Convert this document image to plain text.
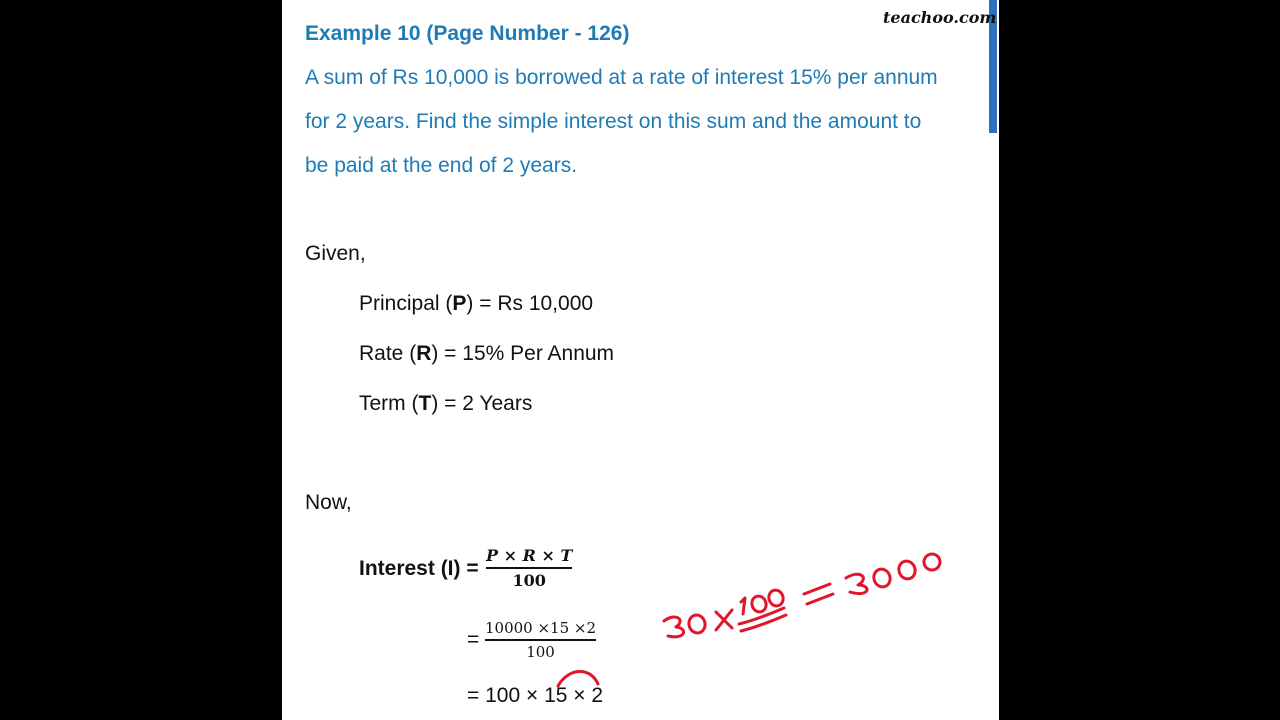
teachoo.com
Example 10 (Page Number - 126)
A sum of Rs 10,000 is borrowed at a rate of interest 15% per annum
for 2 years. Find the simple interest on this sum and the amount to
be paid at the end of 2 years.
Given,
Principal (P) = Rs 10,000
Rate (R) = 15% Per Annum
Term (T) = 2 Years
Now,
Interest (I) =
P × R × T
100
= 10000 ×15 ×2
100
= 100 × 15 × 2
